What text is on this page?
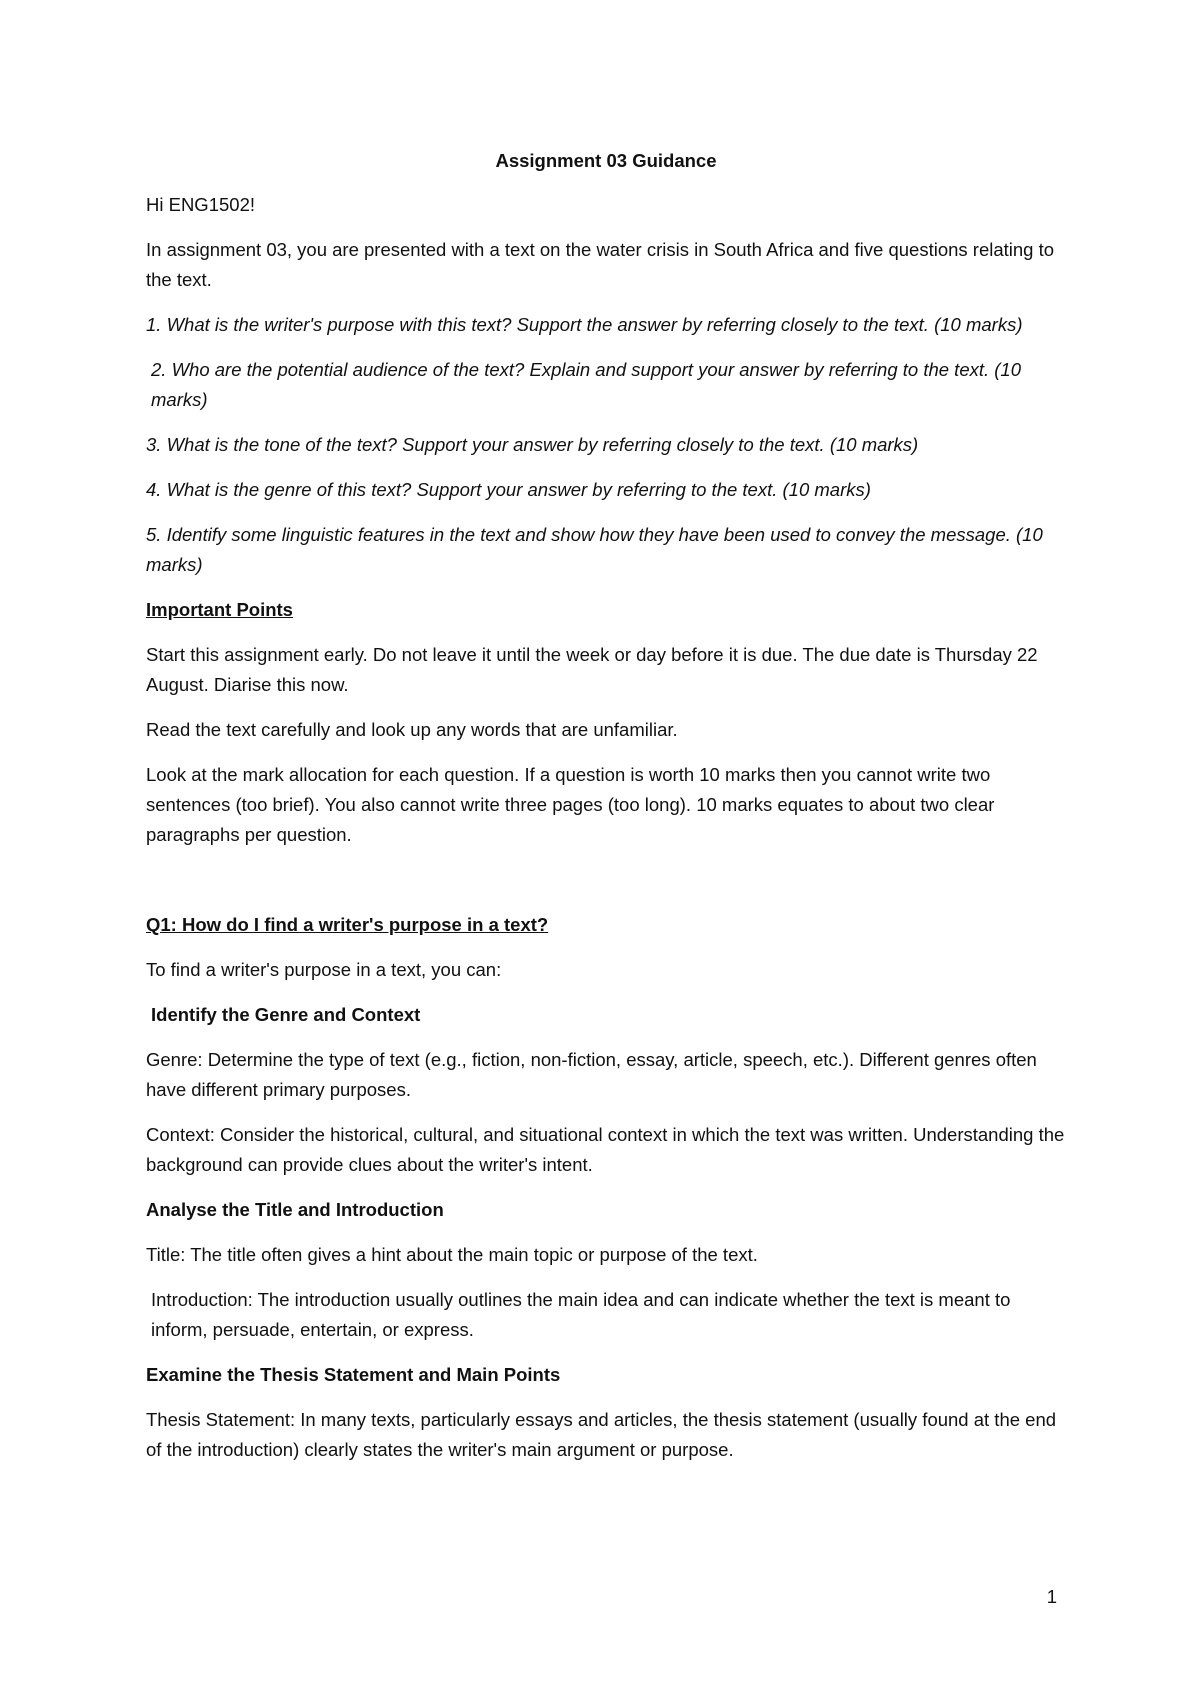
Assignment 03 Guidance

Hi ENG1502!

In assignment 03, you are presented with a text on the water crisis in South Africa and five questions relating to the text.

1. What is the writer's purpose with this text? Support the answer by referring closely to the text. (10 marks)

2. Who are the potential audience of the text? Explain and support your answer by referring to the text. (10 marks)

3. What is the tone of the text? Support your answer by referring closely to the text. (10 marks)

4. What is the genre of this text? Support your answer by referring to the text. (10 marks)

5. Identify some linguistic features in the text and show how they have been used to convey the message. (10 marks)

Important Points

Start this assignment early. Do not leave it until the week or day before it is due. The due date is Thursday 22 August. Diarise this now.

Read the text carefully and look up any words that are unfamiliar.

Look at the mark allocation for each question. If a question is worth 10 marks then you cannot write two sentences (too brief). You also cannot write three pages (too long). 10 marks equates to about two clear paragraphs per question.

Q1: How do I find a writer's purpose in a text?

To find a writer's purpose in a text, you can:

Identify the Genre and Context

Genre: Determine the type of text (e.g., fiction, non-fiction, essay, article, speech, etc.). Different genres often have different primary purposes.

Context: Consider the historical, cultural, and situational context in which the text was written. Understanding the background can provide clues about the writer's intent.

Analyse the Title and Introduction

Title: The title often gives a hint about the main topic or purpose of the text.

Introduction: The introduction usually outlines the main idea and can indicate whether the text is meant to inform, persuade, entertain, or express.

Examine the Thesis Statement and Main Points

Thesis Statement: In many texts, particularly essays and articles, the thesis statement (usually found at the end of the introduction) clearly states the writer's main argument or purpose.

1
